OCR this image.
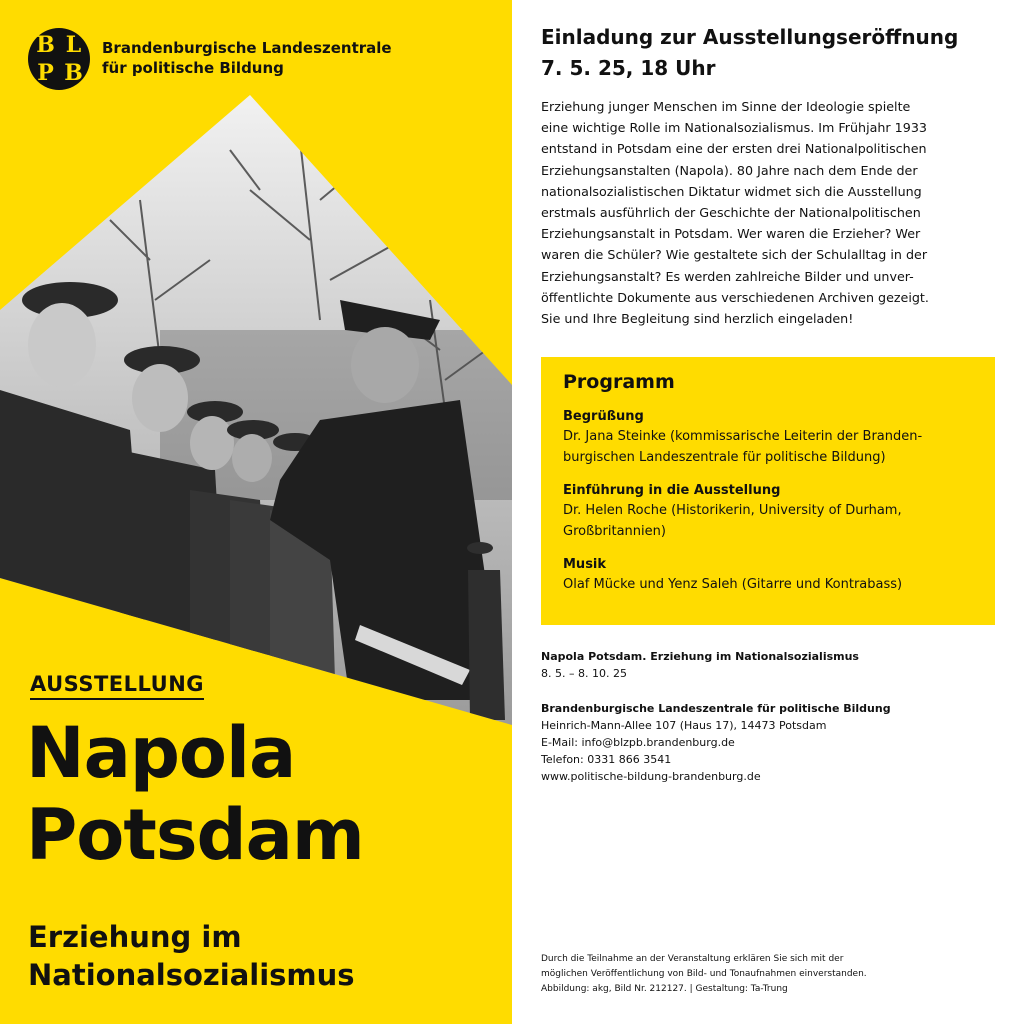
B L
P B
Brandenburgische Landeszentrale
für politische Bildung
AUSSTELLUNG
Napola
Potsdam
Erziehung im
Nationalsozialismus
Einladung zur Ausstellungseröffnung
7. 5. 25, 18 Uhr
Erziehung junger Menschen im Sinne der Ideologie spielte
eine wichtige Rolle im Nationalsozialismus. Im Frühjahr 1933
entstand in Potsdam eine der ersten drei Nationalpolitischen
Erziehungsanstalten (Napola). 80 Jahre nach dem Ende der
nationalsozialistischen Diktatur widmet sich die Ausstellung
erstmals ausführlich der Geschichte der Nationalpolitischen
Erziehungsanstalt in Potsdam. Wer waren die Erzieher? Wer
waren die Schüler? Wie gestaltete sich der Schulalltag in der
Erziehungsanstalt? Es werden zahlreiche Bilder und unver-
öffentlichte Dokumente aus verschiedenen Archiven gezeigt.
Sie und Ihre Begleitung sind herzlich eingeladen!
Programm
Begrüßung
Dr. Jana Steinke (kommissarische Leiterin der Branden-
burgischen Landeszentrale für politische Bildung)
Einführung in die Ausstellung
Dr. Helen Roche (Historikerin, University of Durham,
Großbritannien)
Musik
Olaf Mücke und Yenz Saleh (Gitarre und Kontrabass)
Napola Potsdam. Erziehung im Nationalsozialismus
8. 5. – 8. 10. 25
Brandenburgische Landeszentrale für politische Bildung
Heinrich-Mann-Allee 107 (Haus 17), 14473 Potsdam
E-Mail: info@blzpb.brandenburg.de
Telefon: 0331 866 3541
www.politische-bildung-brandenburg.de
Durch die Teilnahme an der Veranstaltung erklären Sie sich mit der
möglichen Veröffentlichung von Bild- und Tonaufnahmen einverstanden.
Abbildung: akg, Bild Nr. 212127. | Gestaltung: Ta-Trung
